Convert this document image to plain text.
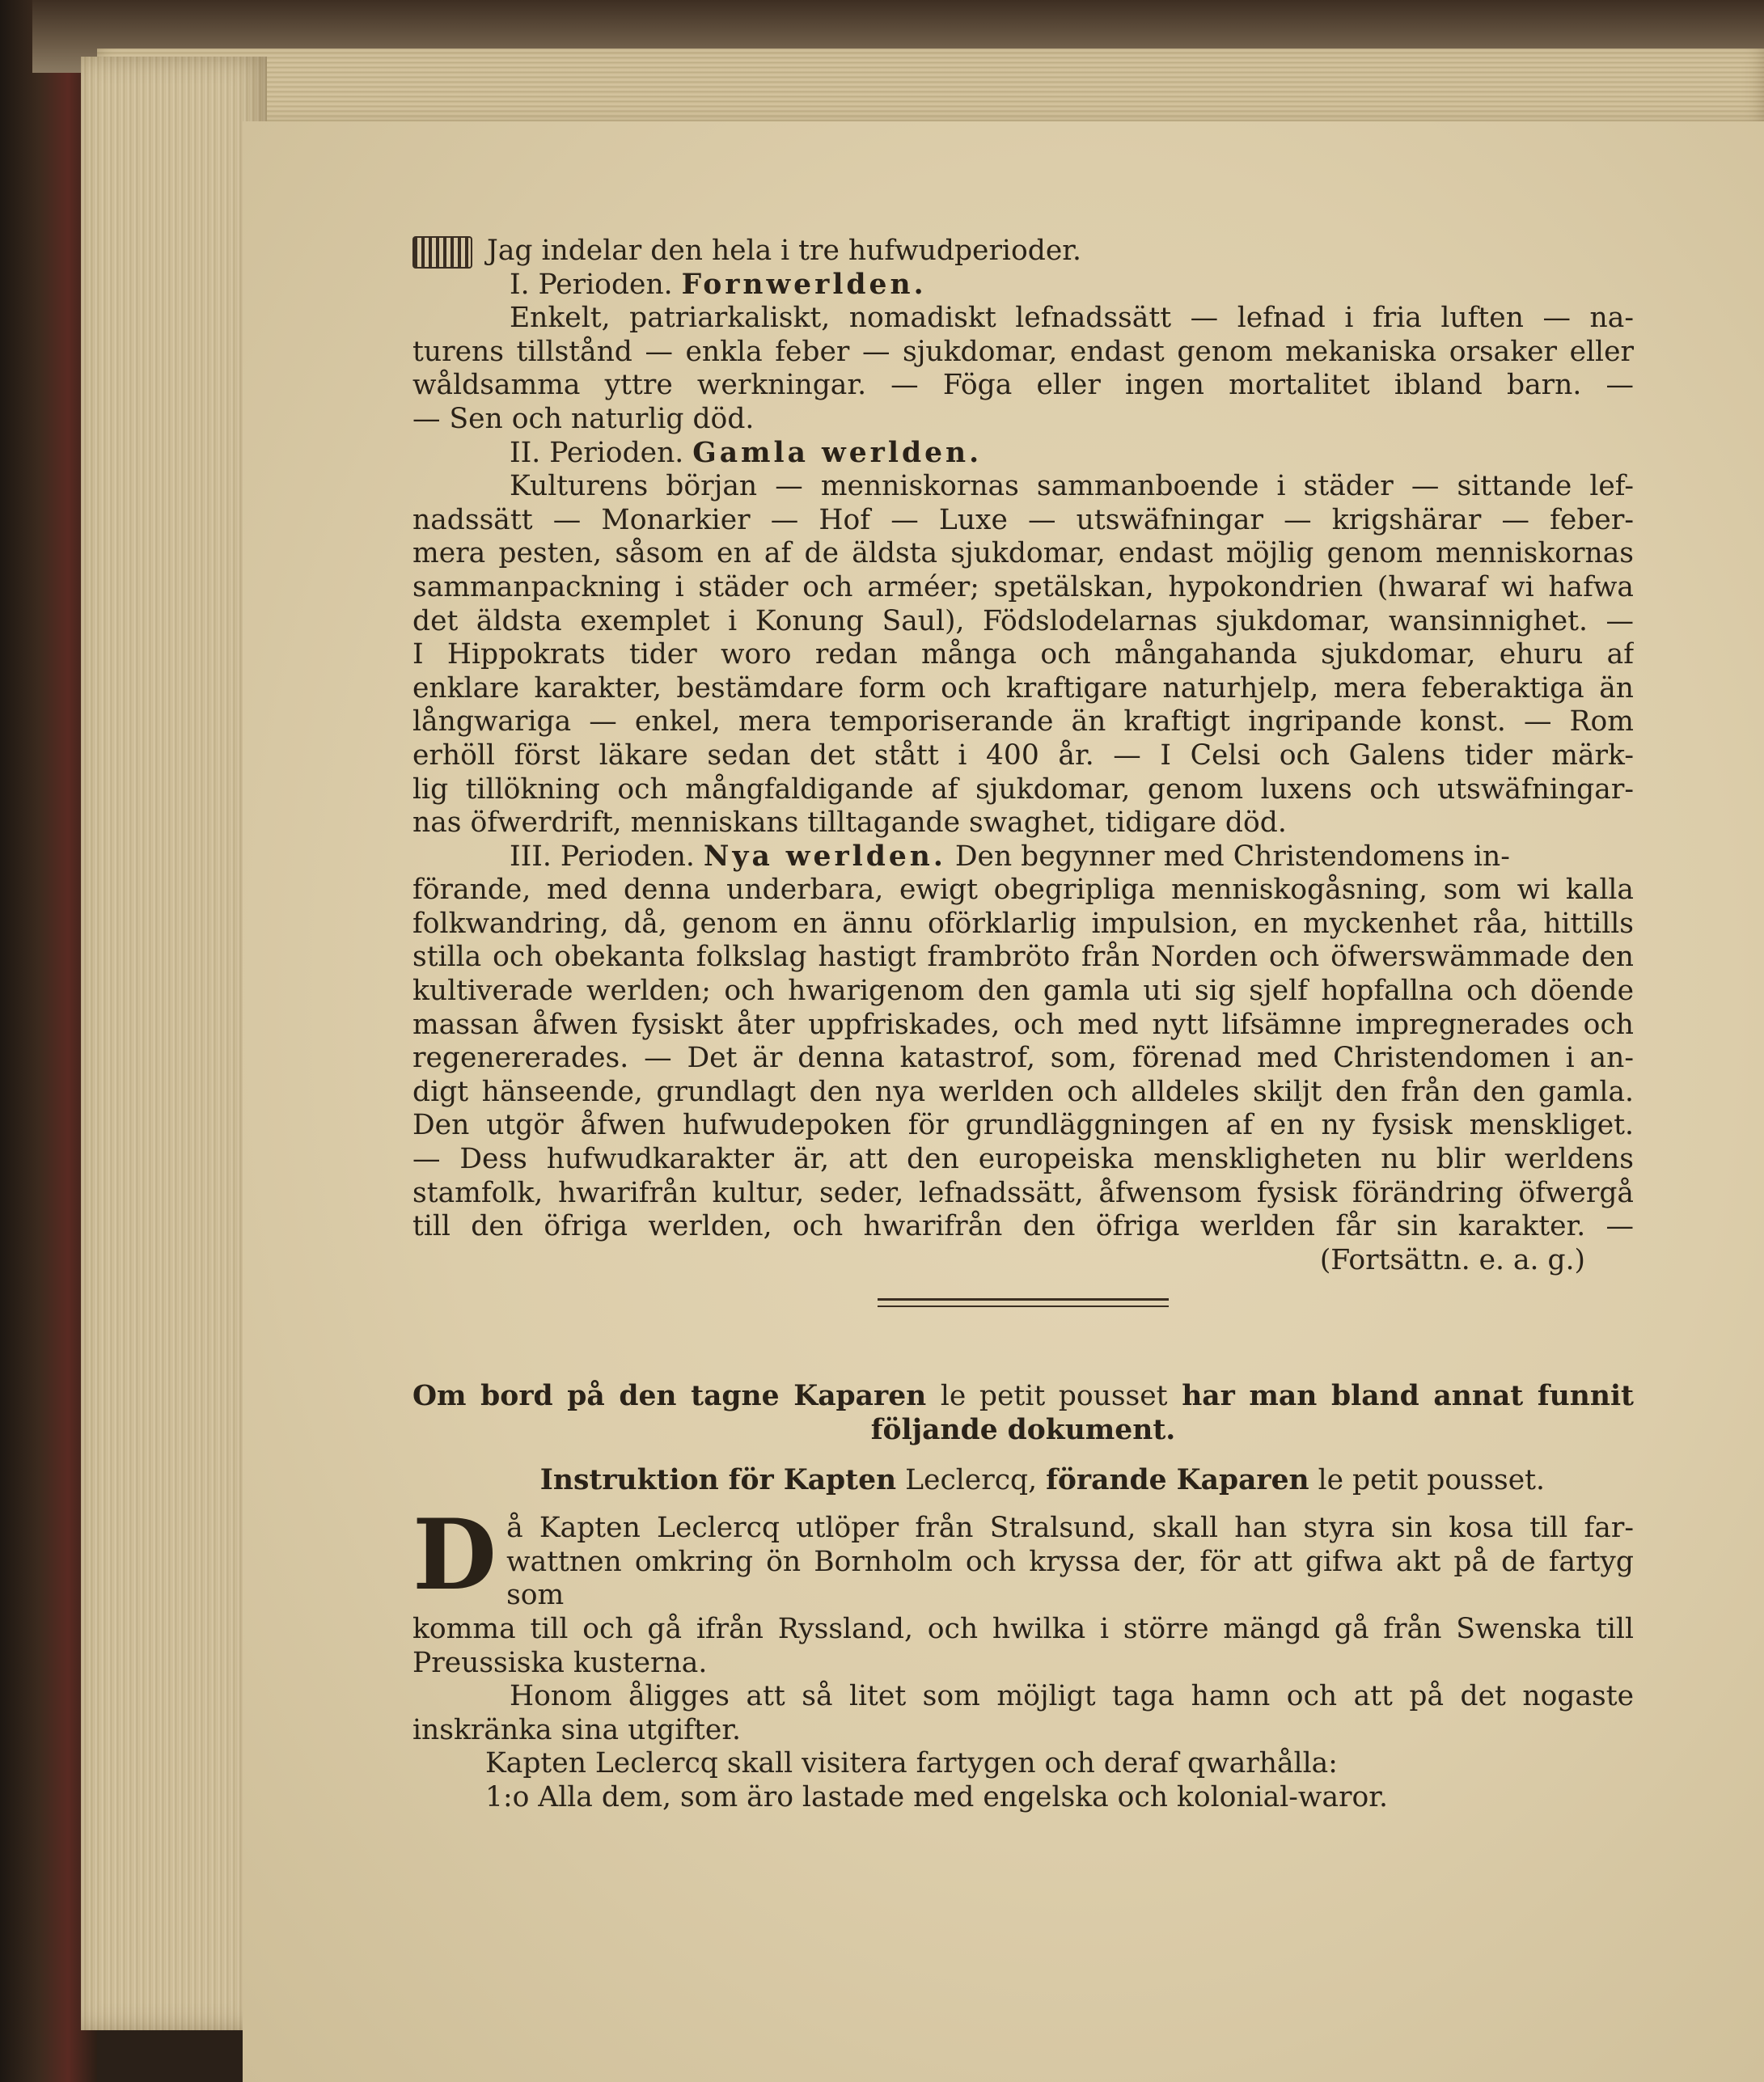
Jag indelar den hela i tre hufwudperioder.
I. Perioden. Fornwerlden.
Enkelt, patriarkaliskt, nomadiskt lefnadssätt — lefnad i fria luften — na-
turens tillstånd — enkla feber — sjukdomar, endast genom mekaniska orsaker eller
wåldsamma yttre werkningar. — Föga eller ingen mortalitet ibland barn. —
— Sen och naturlig död.
II. Perioden. Gamla werlden.
Kulturens början — menniskornas sammanboende i städer — sittande lef-
nadssätt — Monarkier — Hof — Luxe — utswäfningar — krigshärar — feber-
mera pesten, såsom en af de äldsta sjukdomar, endast möjlig genom menniskornas
sammanpackning i städer och arméer; spetälskan, hypokondrien (hwaraf wi hafwa
det äldsta exemplet i Konung Saul), Födslodelarnas sjukdomar, wansinnighet. —
I Hippokrats tider woro redan många och mångahanda sjukdomar, ehuru af
enklare karakter, bestämdare form och kraftigare naturhjelp, mera feberaktiga än
långwariga — enkel, mera temporiserande än kraftigt ingripande konst. — Rom
erhöll först läkare sedan det stått i 400 år. — I Celsi och Galens tider märk-
lig tillökning och mångfaldigande af sjukdomar, genom luxens och utswäfningar-
nas öfwerdrift, menniskans tilltagande swaghet, tidigare död.
III. Perioden. Nya werlden. Den begynner med Christendomens in-
förande, med denna underbara, ewigt obegripliga menniskogåsning, som wi kalla
folkwandring, då, genom en ännu oförklarlig impulsion, en myckenhet råa, hittills
stilla och obekanta folkslag hastigt frambröto från Norden och öfwerswämmade den
kultiverade werlden; och hwarigenom den gamla uti sig sjelf hopfallna och döende
massan åfwen fysiskt åter uppfriskades, och med nytt lifsämne impregnerades och
regenererades. — Det är denna katastrof, som, förenad med Christendomen i an-
digt hänseende, grundlagt den nya werlden och alldeles skiljt den från den gamla.
Den utgör åfwen hufwudepoken för grundläggningen af en ny fysisk menskliget.
— Dess hufwudkarakter är, att den europeiska menskligheten nu blir werldens
stamfolk, hwarifrån kultur, seder, lefnadssätt, åfwensom fysisk förändring öfwergå
till den öfriga werlden, och hwarifrån den öfriga werlden får sin karakter. —
(Fortsättn. e. a. g.)
Om bord på den tagne Kaparen le petit pousset har man bland annat funnit
följande dokument.
Instruktion för Kapten Leclercq, förande Kaparen le petit pousset.
D å Kapten Leclercq utlöper från Stralsund, skall han styra sin kosa till far-
wattnen omkring ön Bornholm och kryssa der, för att gifwa akt på de fartyg som
komma till och gå ifrån Ryssland, och hwilka i större mängd gå från Swenska till
Preussiska kusterna.
Honom åligges att så litet som möjligt taga hamn och att på det nogaste
inskränka sina utgifter.
Kapten Leclercq skall visitera fartygen och deraf qwarhålla:
1:o Alla dem, som äro lastade med engelska och kolonial-waror.
